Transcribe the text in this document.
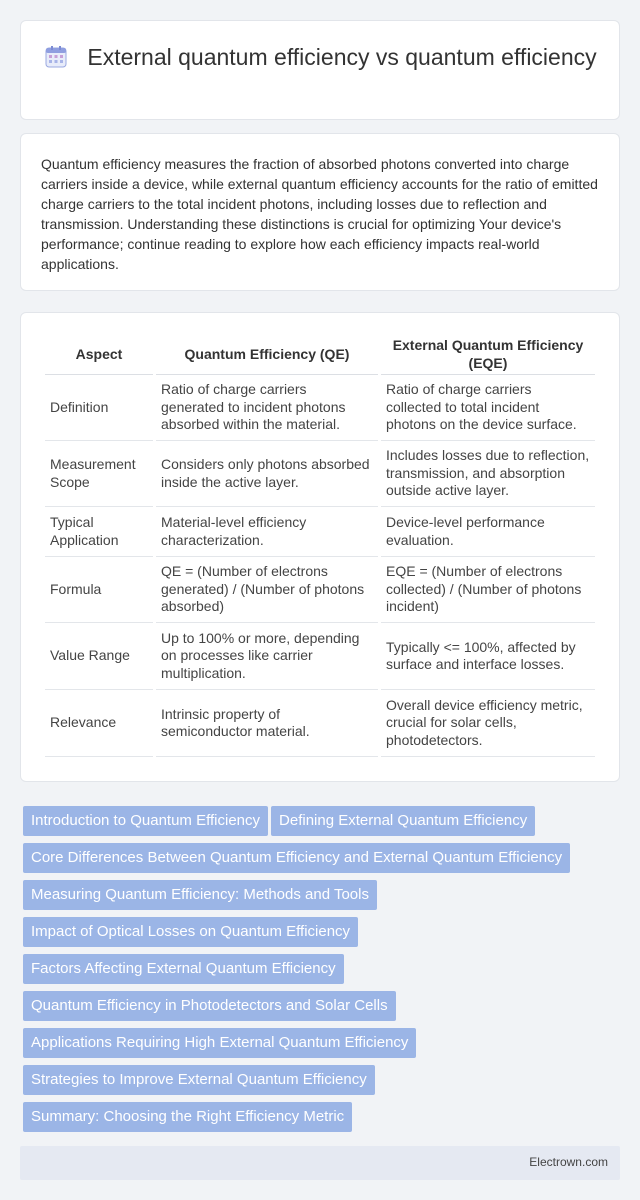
External quantum efficiency vs quantum efficiency

Quantum efficiency measures the fraction of absorbed photons converted into charge carriers inside a device, while external quantum efficiency accounts for the ratio of emitted charge carriers to the total incident photons, including losses due to reflection and transmission. Understanding these distinctions is crucial for optimizing Your device's performance; continue reading to explore how each efficiency impacts real-world applications.

Aspect	Quantum Efficiency (QE)	External Quantum Efficiency (EQE)
Definition	Ratio of charge carriers generated to incident photons absorbed within the material.	Ratio of charge carriers collected to total incident photons on the device surface.
Measurement Scope	Considers only photons absorbed inside the active layer.	Includes losses due to reflection, transmission, and absorption outside active layer.
Typical Application	Material-level efficiency characterization.	Device-level performance evaluation.
Formula	QE = (Number of electrons generated) / (Number of photons absorbed)	EQE = (Number of electrons collected) / (Number of photons incident)
Value Range	Up to 100% or more, depending on processes like carrier multiplication.	Typically <= 100%, affected by surface and interface losses.
Relevance	Intrinsic property of semiconductor material.	Overall device efficiency metric, crucial for solar cells, photodetectors.
Introduction to Quantum Efficiency Defining External Quantum Efficiency
Core Differences Between Quantum Efficiency and External Quantum Efficiency
Measuring Quantum Efficiency: Methods and Tools
Impact of Optical Losses on Quantum Efficiency
Factors Affecting External Quantum Efficiency
Quantum Efficiency in Photodetectors and Solar Cells
Applications Requiring High External Quantum Efficiency
Strategies to Improve External Quantum Efficiency
Summary: Choosing the Right Efficiency Metric
Electrown.com
